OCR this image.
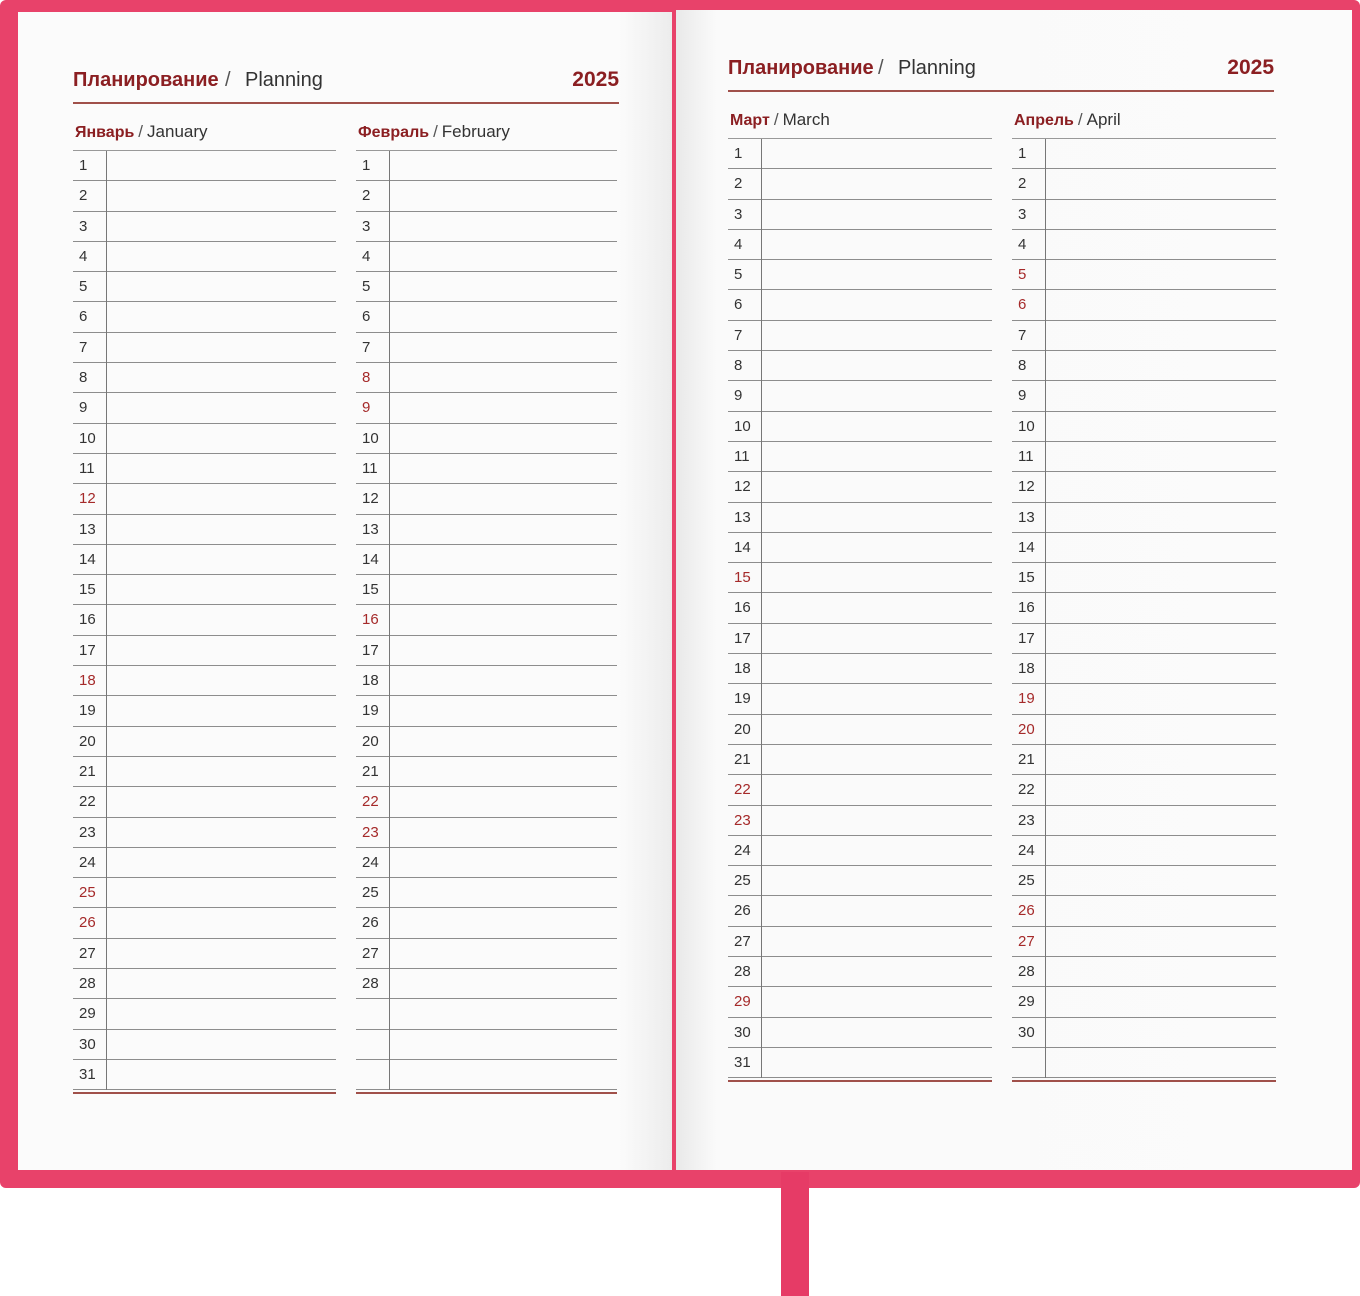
Планирование / Planning	2025
Январь / January
1
2
3
4
5
6
7
8
9
10
11
12
13
14
15
16
17
18
19
20
21
22
23
24
25
26
27
28
29
30
31
Февраль / February
1
2
3
4
5
6
7
8
9
10
11
12
13
14
15
16
17
18
19
20
21
22
23
24
25
26
27
28
Планирование / Planning	2025
Март / March
1
2
3
4
5
6
7
8
9
10
11
12
13
14
15
16
17
18
19
20
21
22
23
24
25
26
27
28
29
30
31
Апрель / April
1
2
3
4
5
6
7
8
9
10
11
12
13
14
15
16
17
18
19
20
21
22
23
24
25
26
27
28
29
30
